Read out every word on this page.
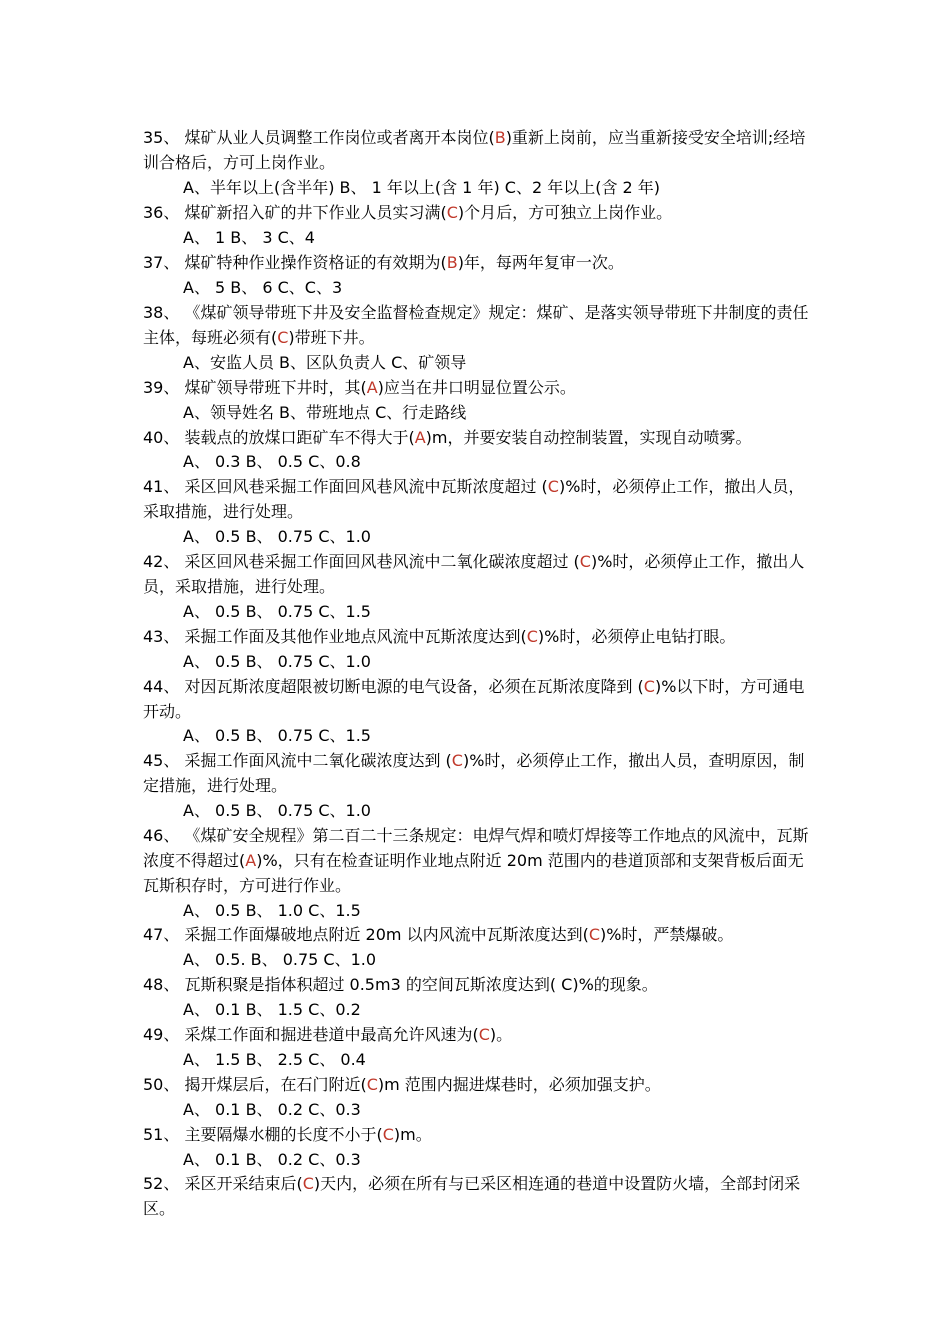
35、 煤矿从业人员调整工作岗位或者离开本岗位(B)重新上岗前，应当重新接受安全培训;经培训合格后，方可上岗作业。
A、半年以上(含半年) B、 1 年以上(含 1 年) C、2 年以上(含 2 年)
36、 煤矿新招入矿的井下作业人员实习满(C)个月后，方可独立上岗作业。
A、 1 B、 3 C、4
37、 煤矿特种作业操作资格证的有效期为(B)年，每两年复审一次。
A、 5 B、 6 C、C、3
38、 《煤矿领导带班下井及安全监督检查规定》规定：煤矿、是落实领导带班下井制度的责任主体，每班必须有(C)带班下井。
A、安监人员 B、区队负责人 C、矿领导
39、 煤矿领导带班下井时，其(A)应当在井口明显位置公示。
A、领导姓名 B、带班地点 C、行走路线
40、 装载点的放煤口距矿车不得大于(A)m，并要安装自动控制装置，实现自动喷雾。
A、 0.3 B、 0.5 C、0.8
41、 采区回风巷采掘工作面回风巷风流中瓦斯浓度超过 (C)%时，必须停止工作，撤出人员，采取措施，进行处理。
A、 0.5 B、 0.75 C、1.0
42、 采区回风巷采掘工作面回风巷风流中二氧化碳浓度超过 (C)%时，必须停止工作，撤出人员，采取措施，进行处理。
A、 0.5 B、 0.75 C、1.5
43、 采掘工作面及其他作业地点风流中瓦斯浓度达到(C)%时，必须停止电钻打眼。
A、 0.5 B、 0.75 C、1.0
44、 对因瓦斯浓度超限被切断电源的电气设备，必须在瓦斯浓度降到 (C)%以下时，方可通电开动。
A、 0.5 B、 0.75 C、1.5
45、 采掘工作面风流中二氧化碳浓度达到 (C)%时，必须停止工作，撤出人员，查明原因，制定措施，进行处理。
A、 0.5 B、 0.75 C、1.0
46、 《煤矿安全规程》第二百二十三条规定：电焊气焊和喷灯焊接等工作地点的风流中，瓦斯浓度不得超过(A)%，只有在检查证明作业地点附近 20m 范围内的巷道顶部和支架背板后面无瓦斯积存时，方可进行作业。
A、 0.5 B、 1.0 C、1.5
47、 采掘工作面爆破地点附近 20m 以内风流中瓦斯浓度达到(C)%时，严禁爆破。
A、 0.5. B、 0.75 C、1.0
48、 瓦斯积聚是指体积超过 0.5m3 的空间瓦斯浓度达到( C)%的现象。
A、 0.1 B、 1.5 C、0.2
49、 采煤工作面和掘进巷道中最高允许风速为(C)。
A、 1.5 B、 2.5 C、 0.4
50、 揭开煤层后，在石门附近(C)m 范围内掘进煤巷时，必须加强支护。
A、 0.1 B、 0.2 C、0.3
51、 主要隔爆水棚的长度不小于(C)m。
A、 0.1 B、 0.2 C、0.3
52、 采区开采结束后(C)天内，必须在所有与已采区相连通的巷道中设置防火墙，全部封闭采区。
